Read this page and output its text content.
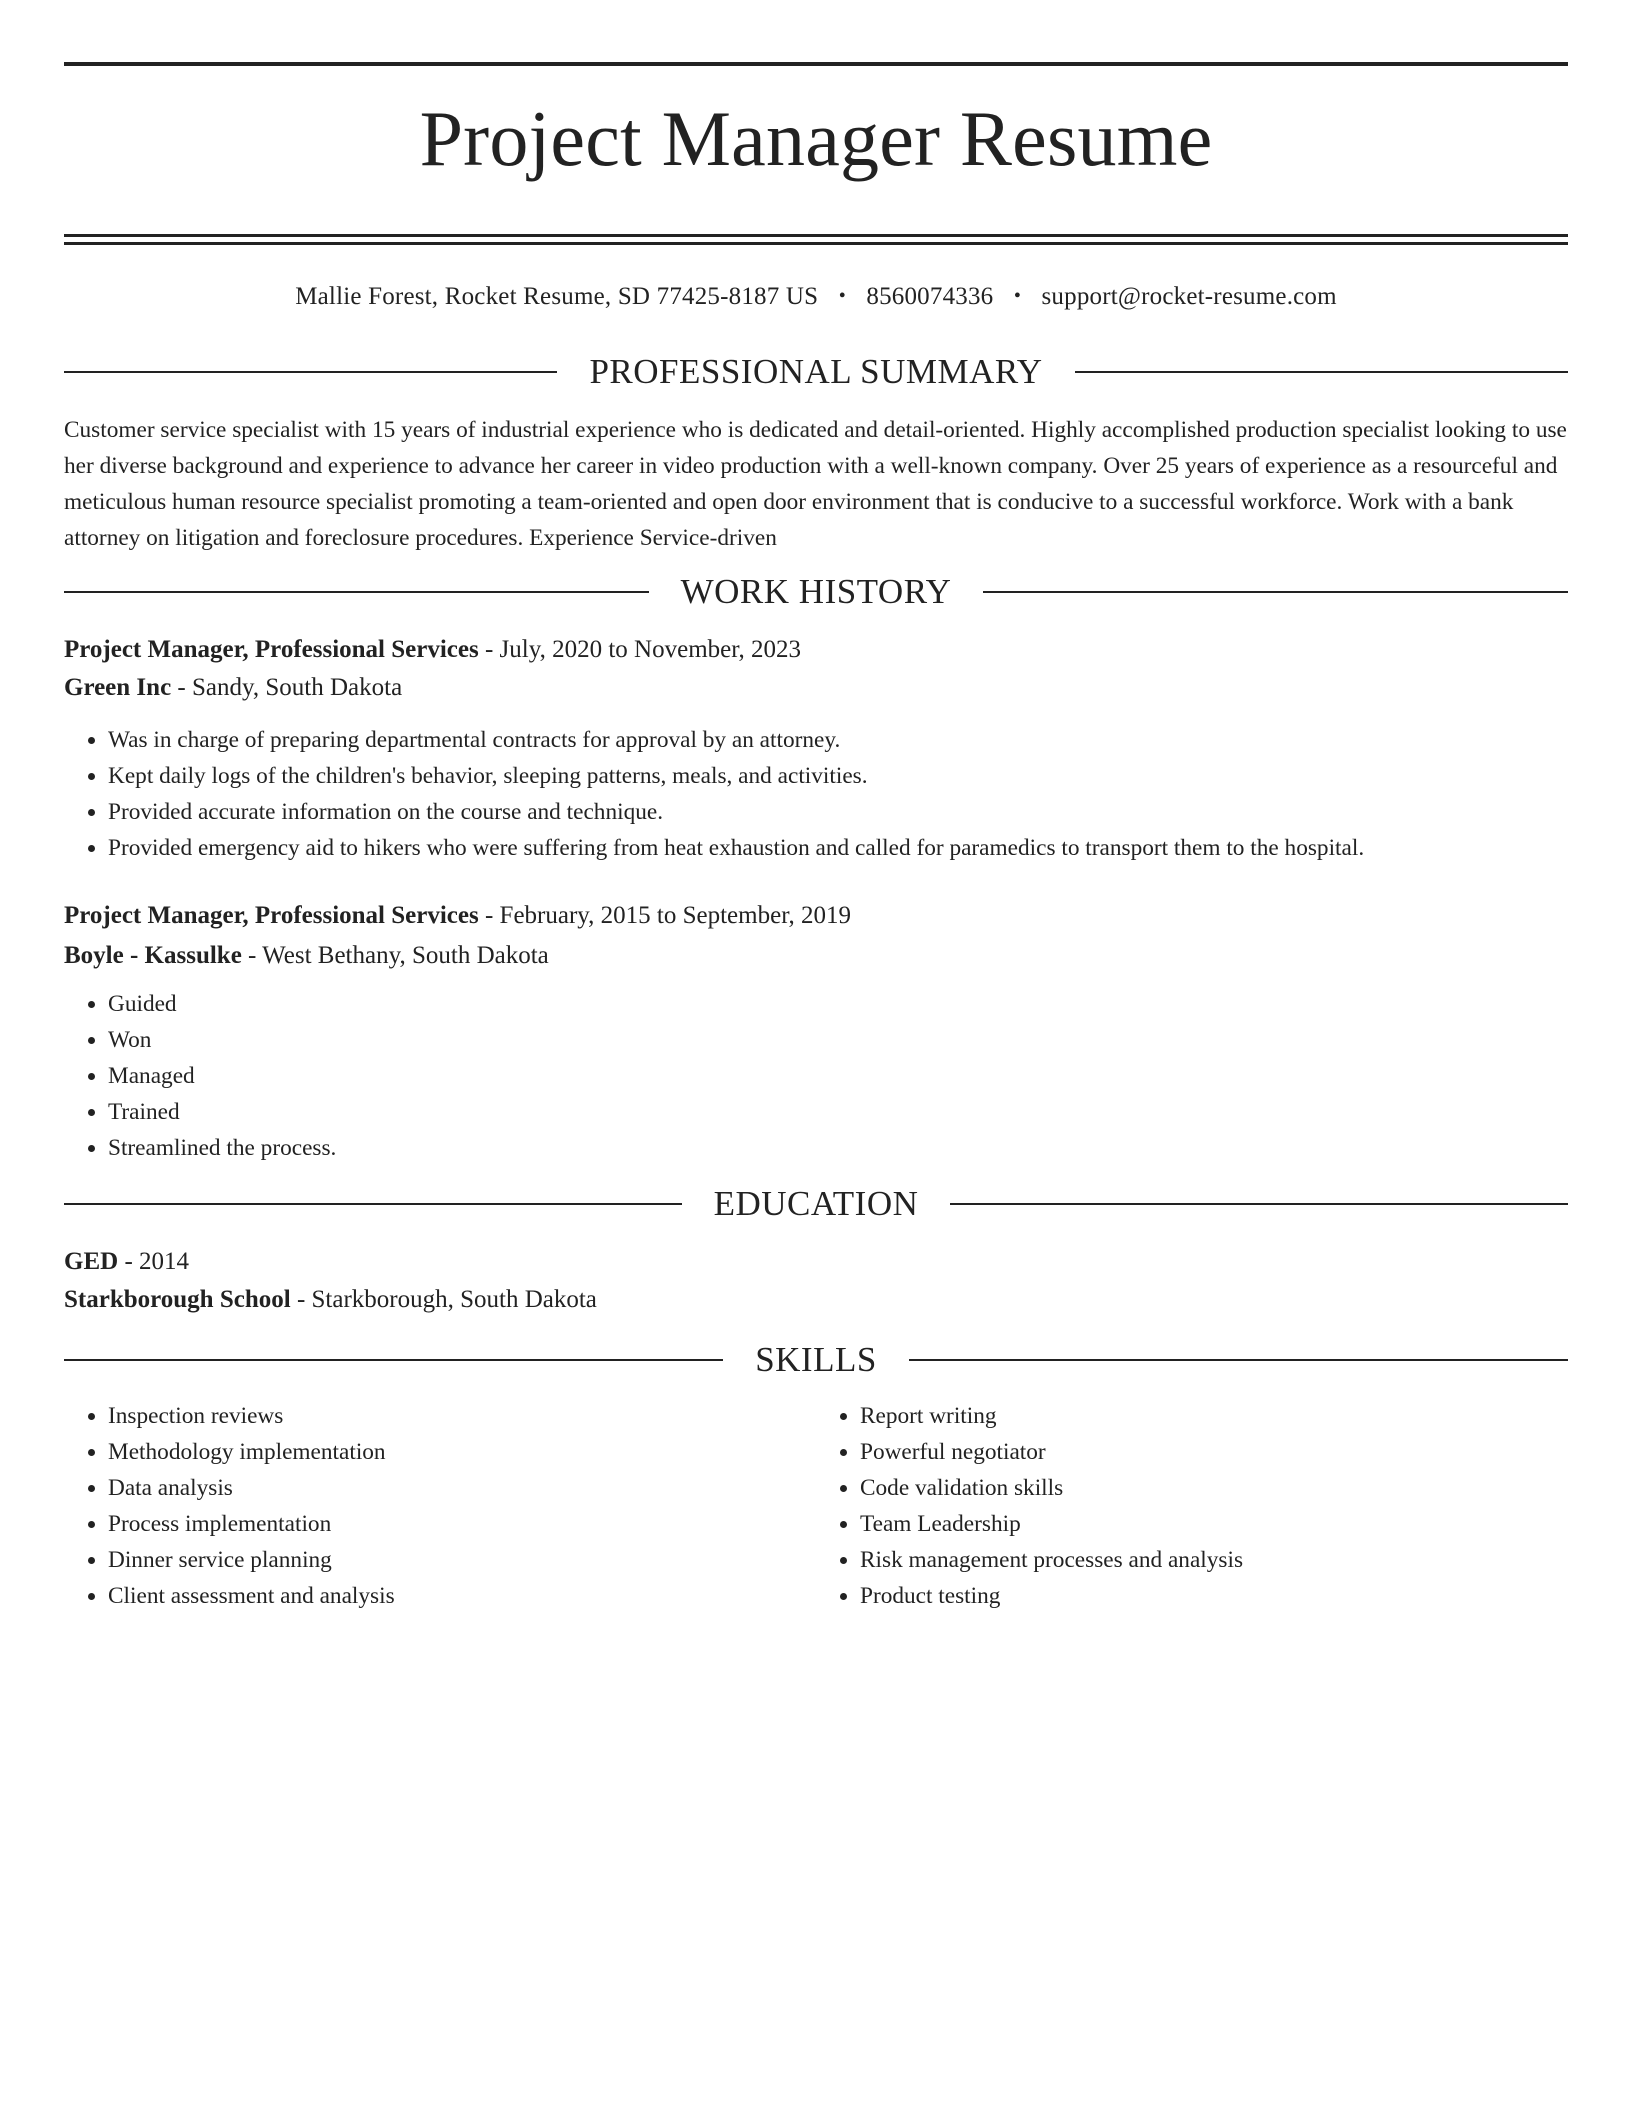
Project Manager Resume
Mallie Forest, Rocket Resume, SD 77425-8187 US • 8560074336 • support@rocket-resume.com
PROFESSIONAL SUMMARY

Customer service specialist with 15 years of industrial experience who is dedicated and detail-oriented. Highly accomplished production specialist looking to use her diverse background and experience to advance her career in video production with a well-known company. Over 25 years of experience as a resourceful and meticulous human resource specialist promoting a team-oriented and open door environment that is conducive to a successful workforce. Work with a bank attorney on litigation and foreclosure procedures. Experience Service-driven

WORK HISTORY

Project Manager, Professional Services - July, 2020 to November, 2023

Green Inc - Sandy, South Dakota

• Was in charge of preparing departmental contracts for approval by an attorney.
• Kept daily logs of the children's behavior, sleeping patterns, meals, and activities.
• Provided accurate information on the course and technique.
• Provided emergency aid to hikers who were suffering from heat exhaustion and called for paramedics to transport them to the hospital.

Project Manager, Professional Services - February, 2015 to September, 2019

Boyle - Kassulke - West Bethany, South Dakota

• Guided
• Won
• Managed
• Trained
• Streamlined the process.
EDUCATION

GED - 2014

Starkborough School - Starkborough, South Dakota

SKILLS
• Inspection reviews
• Methodology implementation
• Data analysis
• Process implementation
• Dinner service planning
• Client assessment and analysis
• Report writing
• Powerful negotiator
• Code validation skills
• Team Leadership
• Risk management processes and analysis
• Product testing
